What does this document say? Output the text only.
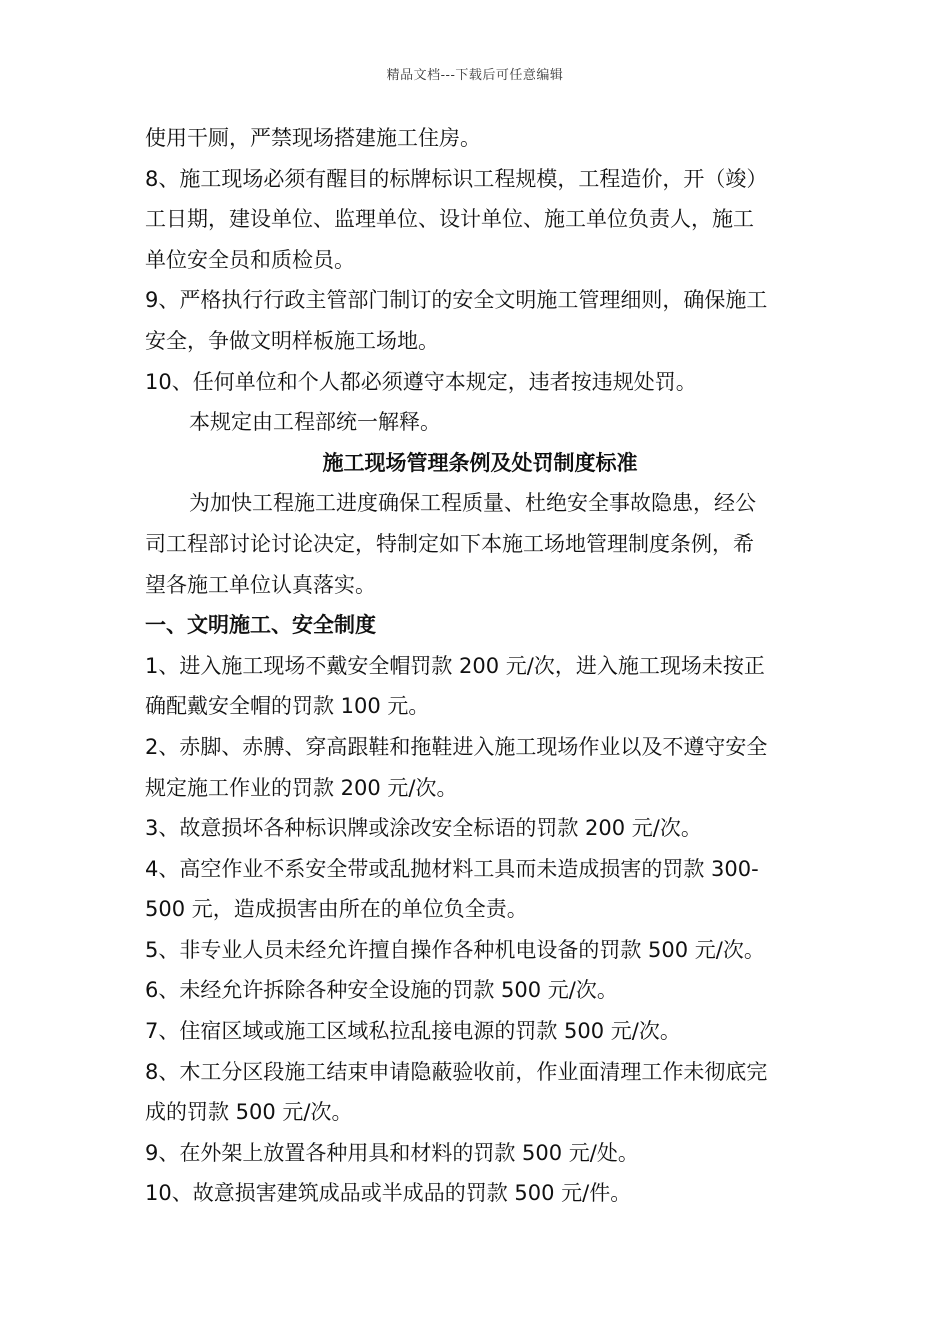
精品文档---下载后可任意编辑
使用干厕，严禁现场搭建施工住房。
8、施工现场必须有醒目的标牌标识工程规模，工程造价，开（竣）
工日期，建设单位、监理单位、设计单位、施工单位负责人，施工
单位安全员和质检员。
9、严格执行行政主管部门制订的安全文明施工管理细则，确保施工
安全，争做文明样板施工场地。
10、任何单位和个人都必须遵守本规定，违者按违规处罚。
本规定由工程部统一解释。
施工现场管理条例及处罚制度标准
为加快工程施工进度确保工程质量、杜绝安全事故隐患，经公
司工程部讨论讨论决定，特制定如下本施工场地管理制度条例，希
望各施工单位认真落实。
一、文明施工、安全制度
1、进入施工现场不戴安全帽罚款 200 元/次，进入施工现场未按正
确配戴安全帽的罚款 100 元。
2、赤脚、赤膊、穿高跟鞋和拖鞋进入施工现场作业以及不遵守安全
规定施工作业的罚款 200 元/次。
3、故意损坏各种标识牌或涂改安全标语的罚款 200 元/次。
4、高空作业不系安全带或乱抛材料工具而未造成损害的罚款 300-
500 元，造成损害由所在的单位负全责。
5、非专业人员未经允许擅自操作各种机电设备的罚款 500 元/次。
6、未经允许拆除各种安全设施的罚款 500 元/次。
7、住宿区域或施工区域私拉乱接电源的罚款 500 元/次。
8、木工分区段施工结束申请隐蔽验收前，作业面清理工作未彻底完
成的罚款 500 元/次。
9、在外架上放置各种用具和材料的罚款 500 元/处。
10、故意损害建筑成品或半成品的罚款 500 元/件。
